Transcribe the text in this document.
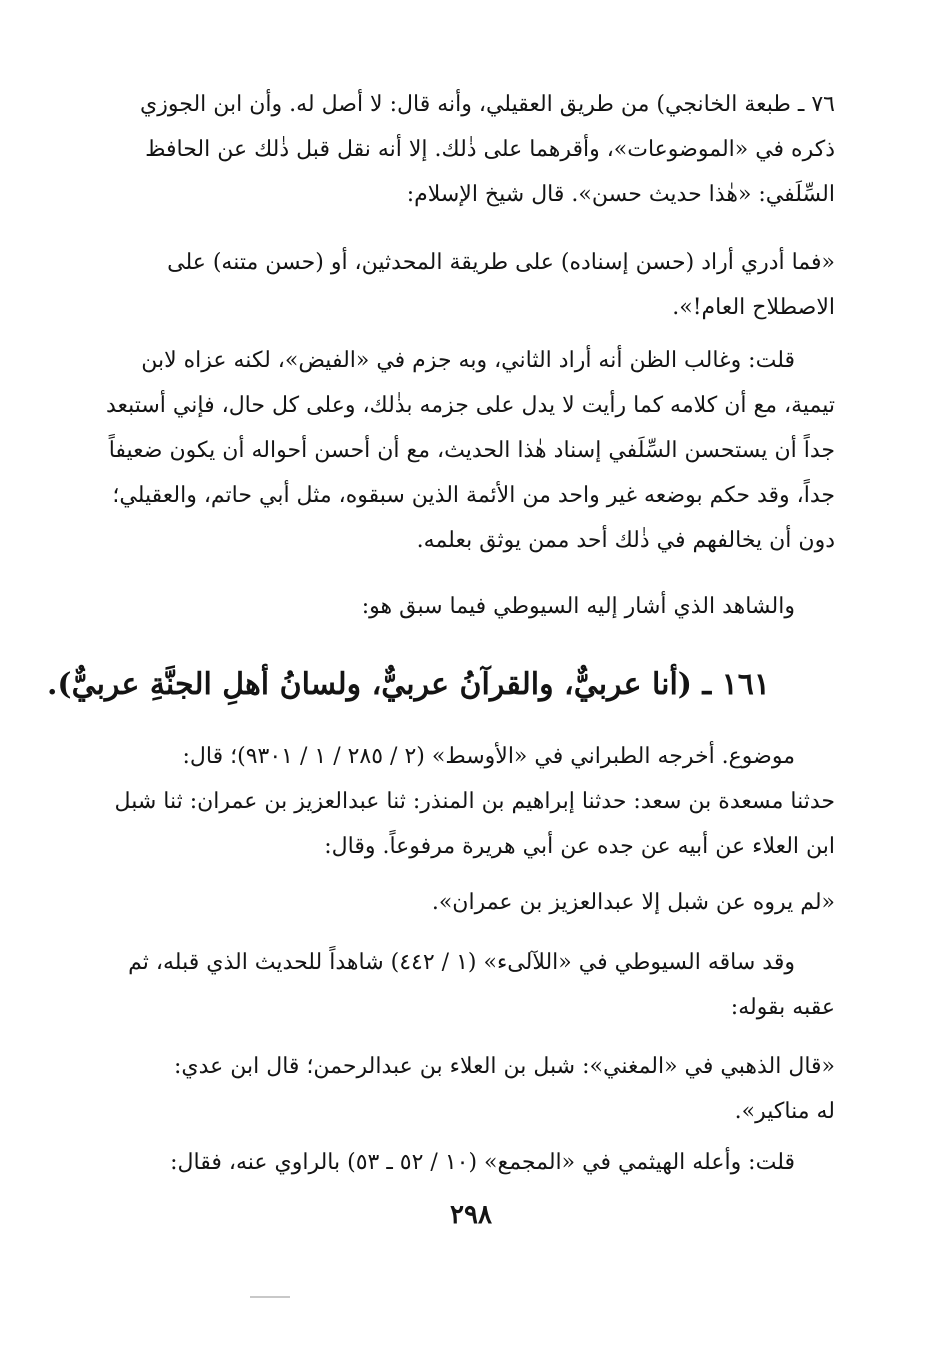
٧٦ ـ طبعة الخانجي) من طريق العقيلي، وأنه قال: لا أصل له. وأن ابن الجوزي
ذكره في «الموضوعات»، وأقرهما على ذٰلك. إلا أنه نقل قبل ذٰلك عن الحافظ
السِّلَفي: «هٰذا حديث حسن». قال شيخ الإسلام:
«فما أدري أراد (حسن إسناده) على طريقة المحدثين، أو (حسن متنه) على
الاصطلاح العام!».
قلت: وغالب الظن أنه أراد الثاني، وبه جزم في «الفيض»، لكنه عزاه لابن
تيمية، مع أن كلامه كما رأيت لا يدل على جزمه بذٰلك، وعلى كل حال، فإني أستبعد
جداً أن يستحسن السِّلَفي إسناد هٰذا الحديث، مع أن أحسن أحواله أن يكون ضعيفاً
جداً، وقد حكم بوضعه غير واحد من الأئمة الذين سبقوه، مثل أبي حاتم، والعقيلي؛
دون أن يخالفهم في ذٰلك أحد ممن يوثق بعلمه.
والشاهد الذي أشار إليه السيوطي فيما سبق هو:
١٦١ ـ (أنا عربيٌّ، والقرآنُ عربيٌّ، ولسانُ أهلِ الجنَّةِ عربيٌّ).
موضوع. أخرجه الطبراني في «الأوسط» (٢ / ٢٨٥ / ١ / ٩٣٠١)؛ قال:
حدثنا مسعدة بن سعد: حدثنا إبراهيم بن المنذر: ثنا عبدالعزيز بن عمران: ثنا شبل
ابن العلاء عن أبيه عن جده عن أبي هريرة مرفوعاً. وقال:
«لم يروه عن شبل إلا عبدالعزيز بن عمران».
وقد ساقه السيوطي في «اللآلىء» (١ / ٤٤٢) شاهداً للحديث الذي قبله، ثم
عقبه بقوله:
«قال الذهبي في «المغني»: شبل بن العلاء بن عبدالرحمن؛ قال ابن عدي:
له مناكير».
قلت: وأعله الهيثمي في «المجمع» (١٠ / ٥٢ ـ ٥٣) بالراوي عنه، فقال:
٢٩٨
